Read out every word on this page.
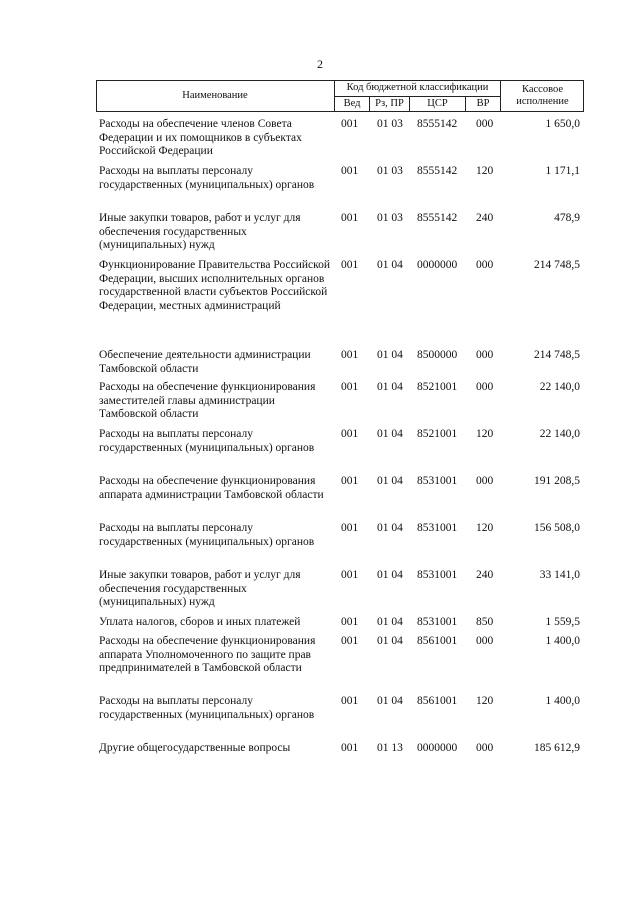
2
Наименование
Код бюджетной классификации
Вед	Рз, ПР	ЦСР	ВР
Кассовое исполнение
Расходы на обеспечение членов Совета Федерации и их помощников в субъектах Российской Федерации
001 01 03 8555142 000	1 650,0
Расходы на выплаты персоналу государственных (муниципальных) органов
001 01 03 8555142 120	1 171,1
Иные закупки товаров, работ и услуг для обеспечения государственных (муниципальных) нужд
001 01 03 8555142 240	478,9
Функционирование Правительства Российской Федерации, высших исполнительных органов государственной власти субъектов Российской Федерации, местных администраций
001 01 04 0000000 000	214 748,5
Обеспечение деятельности администрации Тамбовской области
001 01 04 8500000 000	214 748,5
Расходы на обеспечение функционирования заместителей главы администрации Тамбовской области
001 01 04 8521001 000	22 140,0
Расходы на выплаты персоналу государственных (муниципальных) органов
001 01 04 8521001 120	22 140,0
Расходы на обеспечение функционирования аппарата администрации Тамбовской области
001 01 04 8531001 000	191 208,5
Расходы на выплаты персоналу государственных (муниципальных) органов
001 01 04 8531001 120	156 508,0
Иные закупки товаров, работ и услуг для обеспечения государственных (муниципальных) нужд
001 01 04 8531001 240	33 141,0
Уплата налогов, сборов и иных платежей	001 01 04 8531001 850	1 559,5
Расходы на обеспечение функционирования аппарата Уполномоченного по защите прав предпринимателей в Тамбовской области
001 01 04 8561001 000	1 400,0
Расходы на выплаты персоналу государственных (муниципальных) органов
001 01 04 8561001 120	1 400,0
Другие общегосударственные вопросы	001 01 13 0000000 000	185 612,9
